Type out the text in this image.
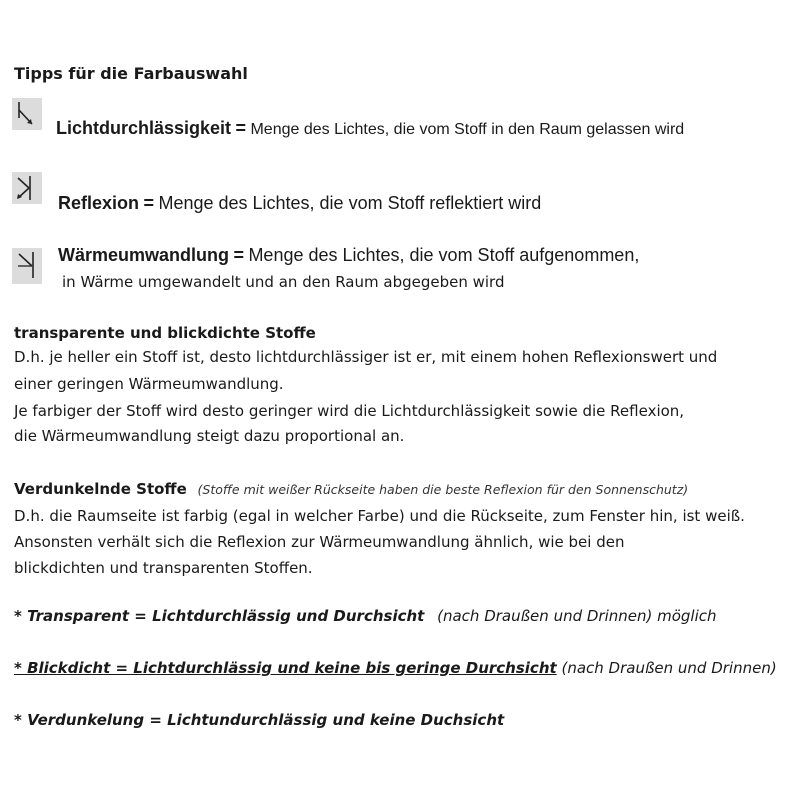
Tipps für die Farbauswahl
Lichtdurchlässigkeit = Menge des Lichtes, die vom Stoff in den Raum gelassen wird
Reflexion = Menge des Lichtes, die vom Stoff reflektiert wird
Wärmeumwandlung = Menge des Lichtes, die vom Stoff aufgenommen,
in Wärme umgewandelt und an den Raum abgegeben wird
transparente und blickdichte Stoffe
D.h. je heller ein Stoff ist, desto lichtdurchlässiger ist er, mit einem hohen Reflexionswert und
einer geringen Wärmeumwandlung.
Je farbiger der Stoff wird desto geringer wird die Lichtdurchlässigkeit sowie die Reflexion,
die Wärmeumwandlung steigt dazu proportional an.
Verdunkelnde Stoffe (Stoffe mit weißer Rückseite haben die beste Reflexion für den Sonnenschutz)
D.h. die Raumseite ist farbig (egal in welcher Farbe) und die Rückseite, zum Fenster hin, ist weiß.
Ansonsten verhält sich die Reflexion zur Wärmeumwandlung ähnlich, wie bei den
blickdichten und transparenten Stoffen.
* Transparent = Lichtdurchlässig und Durchsicht (nach Draußen und Drinnen) möglich
* Blickdicht = Lichtdurchlässig und keine bis geringe Durchsicht (nach Draußen und Drinnen)
* Verdunkelung = Lichtundurchlässig und keine Duchsicht
